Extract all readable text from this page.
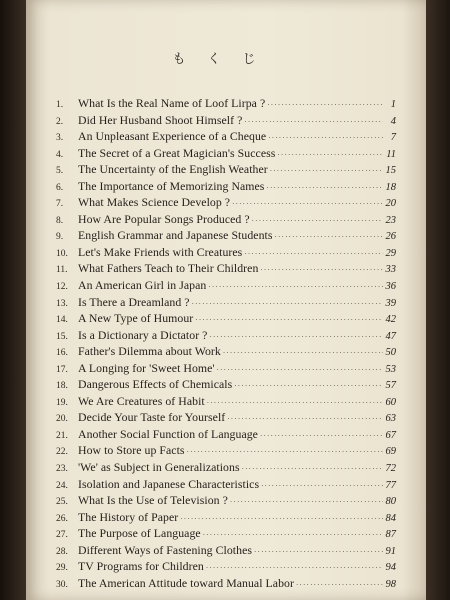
もくじ
1.	What Is the Real Name of Loof Lirpa ? ·····	1
2.	Did Her Husband Shoot Himself ? ·····	4
3.	An Unpleasant Experience of a Cheque ·····	7
4.	The Secret of a Great Magician's Success ·····	11
5.	The Uncertainty of the English Weather ·····	15
6.	The Importance of Memorizing Names ·····	18
7.	What Makes Science Develop ? ·····	20
8.	How Are Popular Songs Produced ? ·····	23
9.	English Grammar and Japanese Students ·····	26
10. Let's Make Friends with Creatures ·····	29
11. What Fathers Teach to Their Children ·····	33
12. An American Girl in Japan ·····	36
13. Is There a Dreamland ? ·····	39
14. A New Type of Humour ·····	42
15. Is a Dictionary a Dictator ? ·····	47
16. Father's Dilemma about Work ·····	50
17. A Longing for 'Sweet Home' ·····	53
18. Dangerous Effects of Chemicals ·····	57
19. We Are Creatures of Habit ·····	60
20. Decide Your Taste for Yourself ·····	63
21. Another Social Function of Language ·····	67
22. How to Store up Facts ·····	69
23. 'We' as Subject in Generalizations ·····	72
24. Isolation and Japanese Characteristics ·····	77
25. What Is the Use of Television ? ·····	80
26. The History of Paper ·····	84
27. The Purpose of Language ·····	87
28. Different Ways of Fastening Clothes ·····	91
29. TV Programs for Children ·····	94
30. The American Attitude toward Manual Labor ·····	98
